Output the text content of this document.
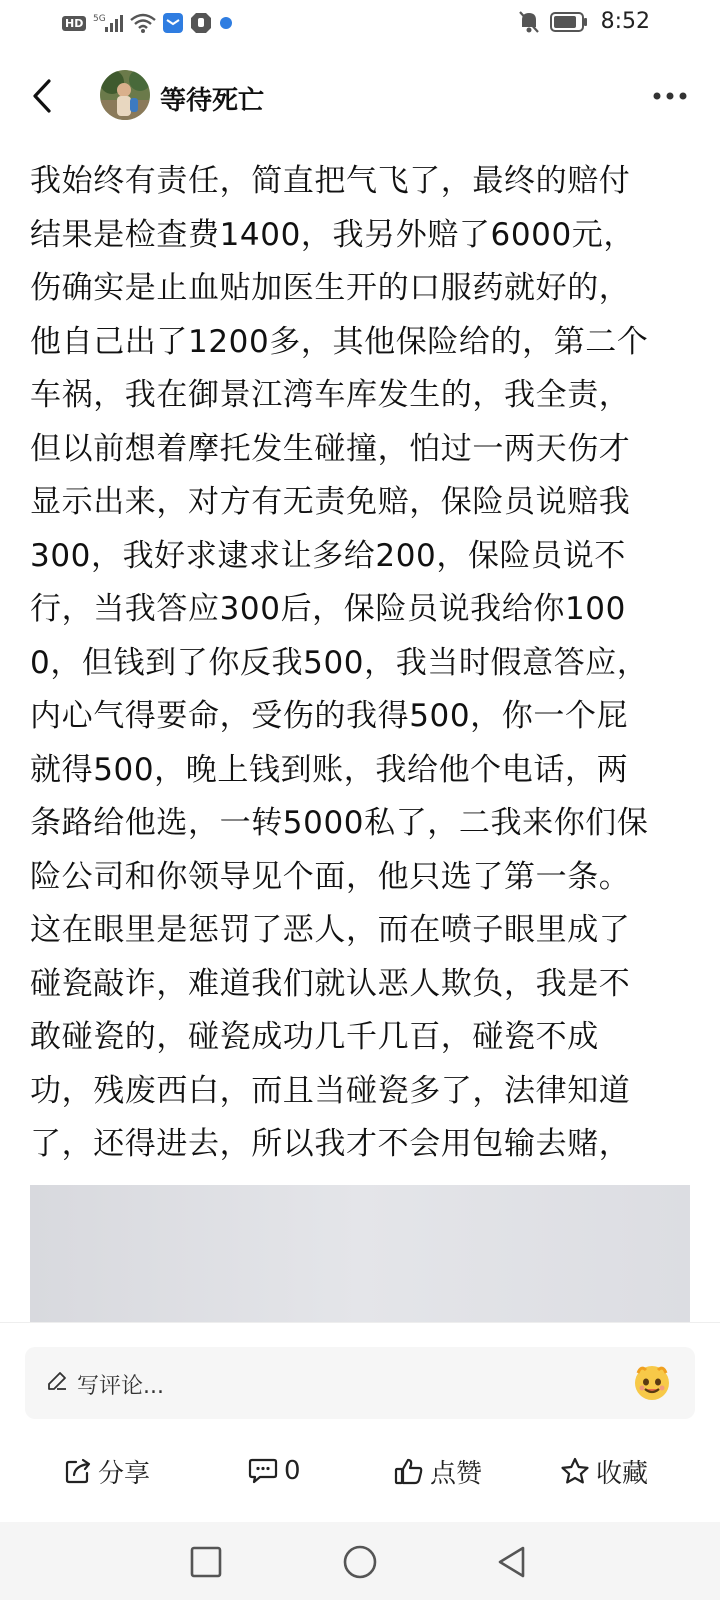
HD	5G	8:52
等待死亡
我始终有责任，简直把气飞了，最终的赔付
结果是检查费1400，我另外赔了6000元，
伤确实是止血贴加医生开的口服药就好的，
他自己出了1200多，其他保险给的，第二个
车祸，我在御景江湾车库发生的，我全责，
但以前想着摩托发生碰撞，怕过一两天伤才
显示出来，对方有无责免赔，保险员说赔我
300，我好求逮求让多给200，保险员说不
行，当我答应300后，保险员说我给你100
0，但钱到了你反我500，我当时假意答应，
内心气得要命，受伤的我得500，你一个屁
就得500，晚上钱到账，我给他个电话，两
条路给他选，一转5000私了，二我来你们保
险公司和你领导见个面，他只选了第一条。
这在眼里是惩罚了恶人，而在喷子眼里成了
碰瓷敲诈，难道我们就认恶人欺负，我是不
敢碰瓷的，碰瓷成功几千几百，碰瓷不成
功，残废西白，而且当碰瓷多了，法律知道
了，还得进去，所以我才不会用包输去赌，
写评论...
分享	0	点赞	收藏
